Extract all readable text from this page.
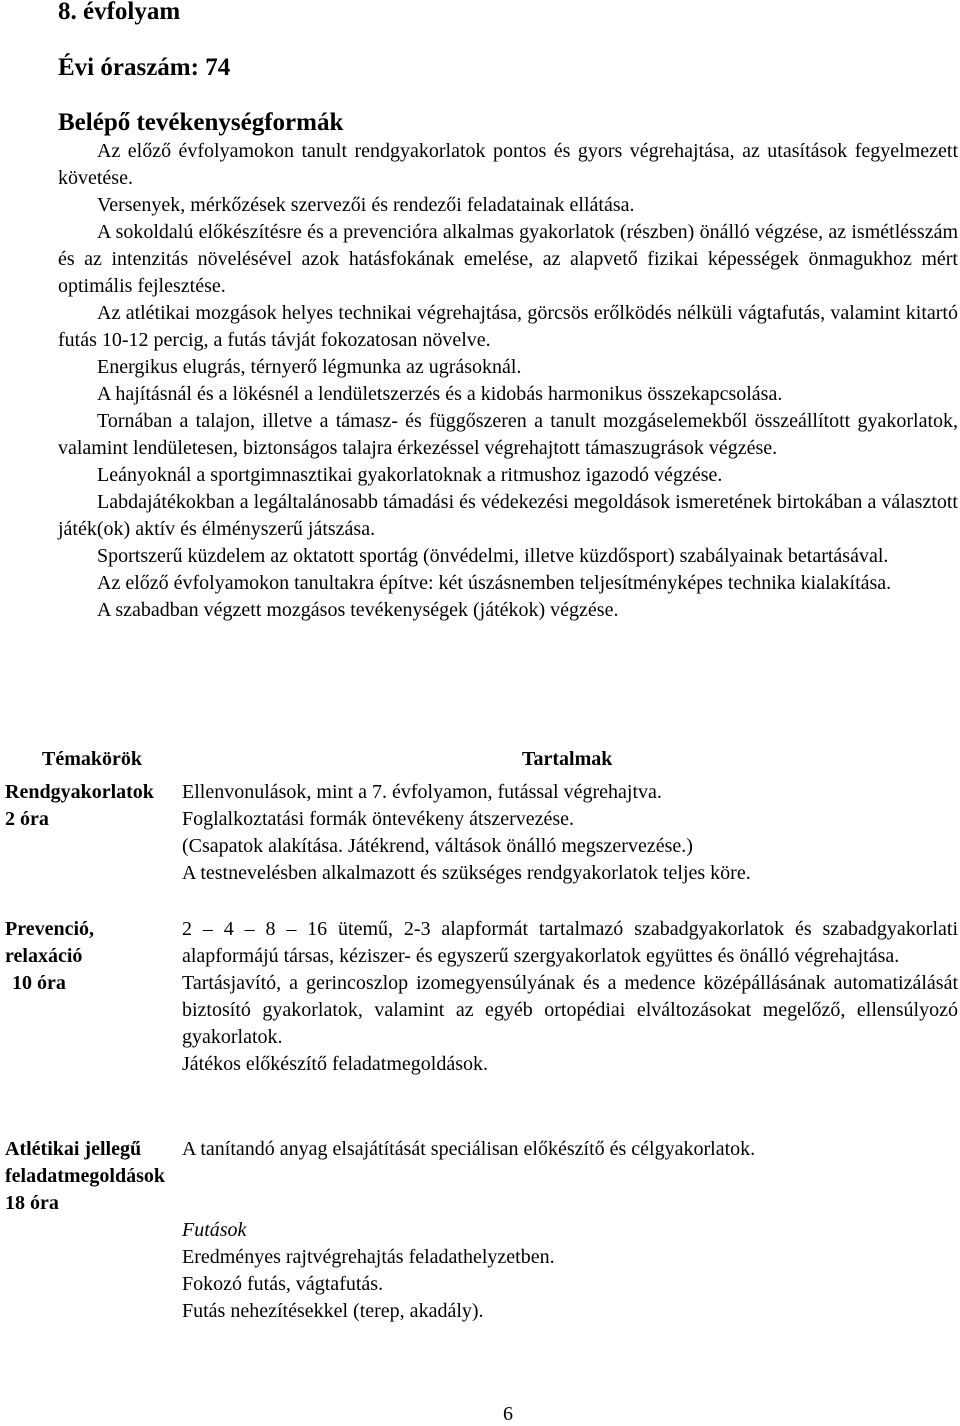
8. évfolyam
Évi óraszám: 74
Belépő tevékenységformák

Az előző évfolyamokon tanult rendgyakorlatok pontos és gyors végrehajtása, az utasítások fegyelmezett követése.

Versenyek, mérkőzések szervezői és rendezői feladatainak ellátása.

A sokoldalú előkészítésre és a prevencióra alkalmas gyakorlatok (részben) önálló végzése, az ismétlésszám és az intenzitás növelésével azok hatásfokának emelése, az alapvető fizikai képességek önmagukhoz mért optimális fejlesztése.

Az atlétikai mozgások helyes technikai végrehajtása, görcsös erőlködés nélküli vágtafutás, valamint kitartó futás 10-12 percig, a futás távját fokozatosan növelve.

Energikus elugrás, térnyerő légmunka az ugrásoknál.

A hajításnál és a lökésnél a lendületszerzés és a kidobás harmonikus összekapcsolása.

Tornában a talajon, illetve a támasz- és függőszeren a tanult mozgáselemekből összeállított gyakorlatok, valamint lendületesen, biztonságos talajra érkezéssel végrehajtott támaszugrások végzése.

Leányoknál a sportgimnasztikai gyakorlatoknak a ritmushoz igazodó végzése.

Labdajátékokban a legáltalánosabb támadási és védekezési megoldások ismeretének birtokában a választott játék(ok) aktív és élményszerű játszása.

Sportszerű küzdelem az oktatott sportág (önvédelmi, illetve küzdősport) szabályainak betartásával.

Az előző évfolyamokon tanultakra építve: két úszásnemben teljesítményképes technika kialakítása.

A szabadban végzett mozgásos tevékenységek (játékok) végzése.

Témakörök	Tartalmak
Rendgyakorlatok
2 óra

Ellenvonulások, mint a 7. évfolyamon, futással végrehajtva.

Foglalkoztatási formák öntevékeny átszervezése.

(Csapatok alakítása. Játékrend, váltások önálló megszervezése.)

A testnevelésben alkalmazott és szükséges rendgyakorlatok teljes köre.

Prevenció,
relaxáció
10 óra

2 – 4 – 8 – 16 ütemű, 2-3 alapformát tartalmazó szabadgyakorlatok és szabadgyakorlati alapformájú társas, kéziszer- és egyszerű szergyakorlatok együttes és önálló végrehajtása.

Tartásjavító, a gerincoszlop izomegyensúlyának és a medence középállásának automatizálását biztosító gyakorlatok, valamint az egyéb ortopédiai elváltozásokat megelőző, ellensúlyozó gyakorlatok.

Játékos előkészítő feladatmegoldások.

Atlétikai jellegű
feladatmegoldások
18 óra

A tanítandó anyag elsajátítását speciálisan előkészítő és célgyakorlatok.

Futások

Eredményes rajtvégrehajtás feladathelyzetben.

Fokozó futás, vágtafutás.

Futás nehezítésekkel (terep, akadály).

6
